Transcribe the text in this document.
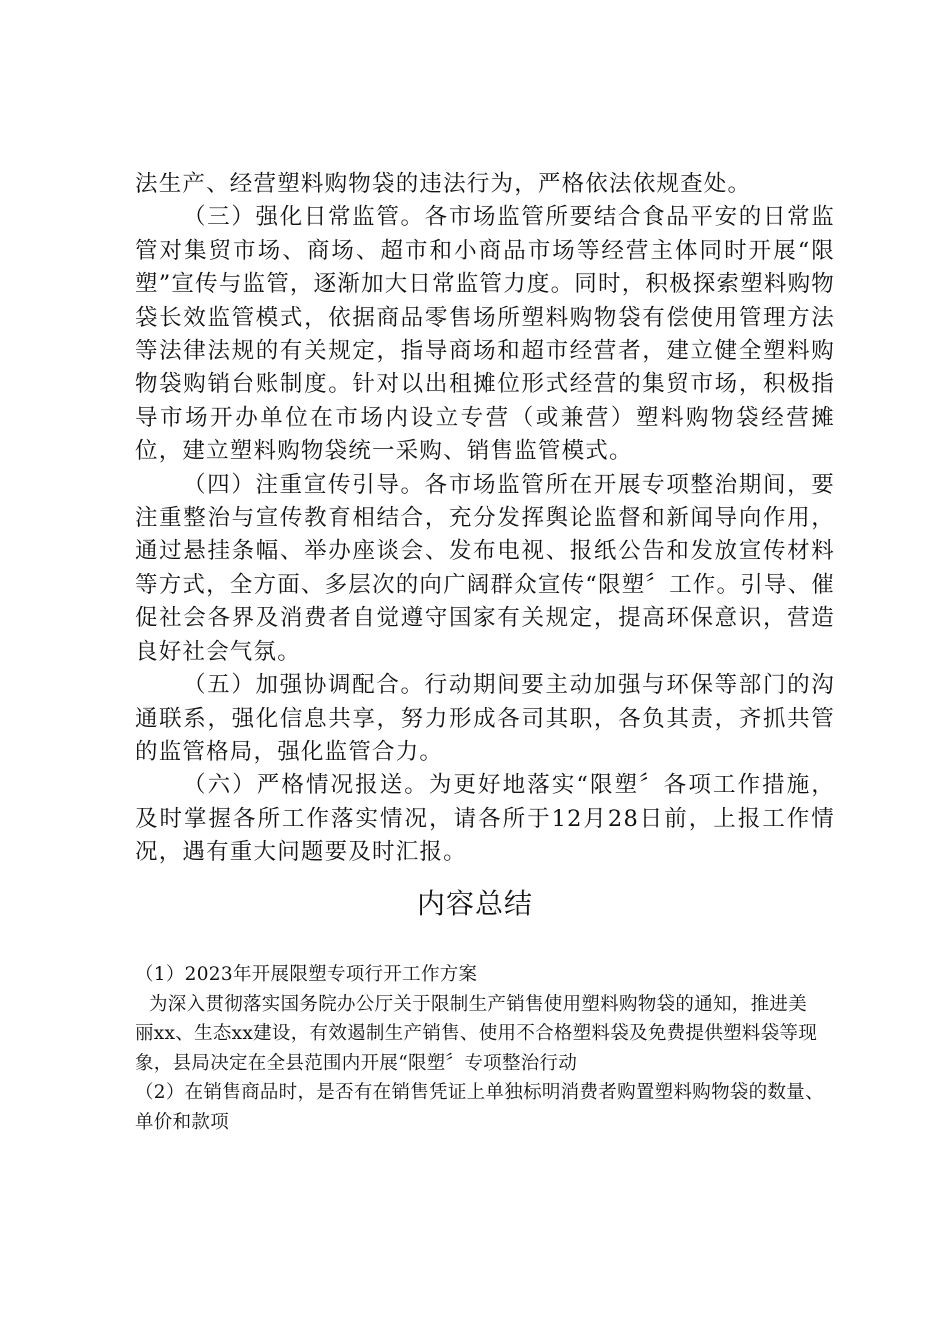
法生产、经营塑料购物袋的违法行为，严格依法依规查处。

（三）强化日常监管。各市场监管所要结合食品平安的日常监管对集贸市场、商场、超市和小商品市场等经营主体同时开展“限塑”宣传与监管，逐渐加大日常监管力度。同时，积极探索塑料购物袋长效监管模式，依据商品零售场所塑料购物袋有偿使用管理方法等法律法规的有关规定，指导商场和超市经营者，建立健全塑料购物袋购销台账制度。针对以出租摊位形式经营的集贸市场，积极指导市场开办单位在市场内设立专营（或兼营）塑料购物袋经营摊位，建立塑料购物袋统一采购、销售监管模式。

（四）注重宣传引导。各市场监管所在开展专项整治期间，要注重整治与宣传教育相结合，充分发挥舆论监督和新闻导向作用，通过悬挂条幅、举办座谈会、发布电视、报纸公告和发放宣传材料等方式，全方面、多层次的向广阔群众宣传“限塑〞工作。引导、催促社会各界及消费者自觉遵守国家有关规定，提高环保意识，营造良好社会气氛。

（五）加强协调配合。行动期间要主动加强与环保等部门的沟通联系，强化信息共享，努力形成各司其职，各负其责，齐抓共管的监管格局，强化监管合力。

（六）严格情况报送。为更好地落实“限塑〞各项工作措施，及时掌握各所工作落实情况，请各所于12月28日前，上报工作情况，遇有重大问题要及时汇报。

内容总结

（1）2023年开展限塑专项行开工作方案

为深入贯彻落实国务院办公厅关于限制生产销售使用塑料购物袋的通知，推进美丽xx、生态xx建设，有效遏制生产销售、使用不合格塑料袋及免费提供塑料袋等现象，县局决定在全县范围内开展“限塑〞专项整治行动

（2）在销售商品时，是否有在销售凭证上单独标明消费者购置塑料购物袋的数量、单价和款项
